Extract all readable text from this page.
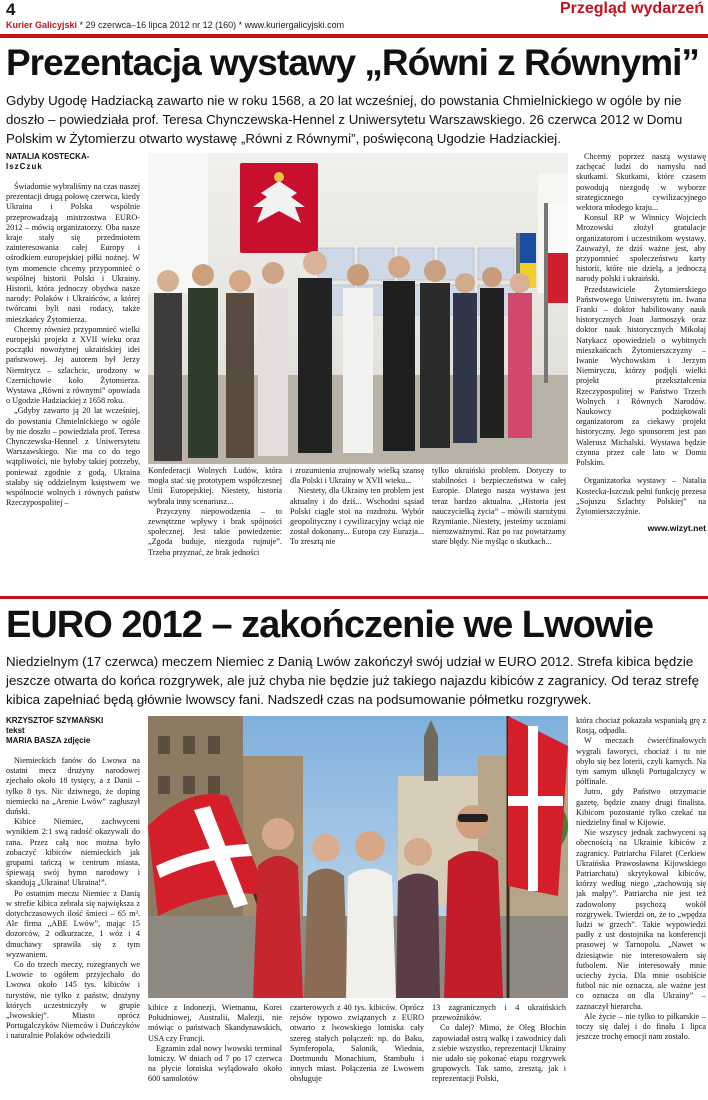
4
Kurier Galicyjski * 29 czerwca–16 lipca 2012 nr 12 (160) * www.kuriergalicyjski.com
Przegląd wydarzeń
Prezentacja wystawy „Równi z Równymi”
Gdyby Ugodę Hadziacką zawarto nie w roku 1568, a 20 lat wcześniej, do powstania Chmielnickiego w ogóle by nie doszło – powiedziała prof. Teresa Chynczewska-Hennel z Uniwersytetu Warszawskiego. 26 czerwca 2012 w Domu Polskim w Żytomierzu otwarto wystawę „Równi z Równymi”, poświęconą Ugodzie Hadziackiej.

NATALIA KOSTECKA-

IszCzuk

Świadomie wybraliśmy na czas naszej prezentacji drugą połowę czerwca, kiedy Ukraina i Polska wspólnie przeprowadzają mistrzostwa EURO-2012 – mówią organizatorzy. Oba nasze kraje stały się przedmiotem zainteresowania całej Europy i ośrodkiem europejskiej piłki nożnej. W tym momencie chcemy przypomnieć o wspólnej historii Polski i Ukrainy. Historii, która jednoczy obydwa nasze narody: Polaków i Ukraińców, a której twórcami byli nasi rodacy, także mieszkańcy Żytomierza.

Chcemy również przypomnieć wielki europejski projekt z XVII wieku oraz początki nowożytnej ukraińskiej idei państwowej. Jej autorem był Jerzy Niemirycz – szlachcic, urodzony w Czernichowie koło Żytomierza. Wystawa „Równi z równymi” opowiada o Ugodzie Hadziackiej z 1658 roku.

„Gdyby zawarto ją 20 lat wcześniej, do powstania Chmielnickiego w ogóle by nie doszło – powiedziała prof. Teresa Chynczewska-Hennel z Uniwersytetu Warszawskiego. Nie ma co do tego wątpliwości, nie byłoby takiej potrzeby, ponieważ zgodnie z godą, Ukraina stałaby się oddzielnym księstwem we wspólnocie wolnych i równych państw Rzeczypospolitej –

Konfederacji Wolnych Ludów, która mogła stać się prototypem współczesnej Unii Europejskiej. Niestety, historia wybrała inny scenariusz...

Przyczyny niepowodzenia – to zewnętrzne wpływy i brak spójności społecznej. Jest takie powiedzenie: „Zgoda buduje, niezgoda rujnuje”. Trzeba przyznać, że brak jedności

i zrozumienia zrujnowały wielką szansę dla Polski i Ukrainy w XVII wieku...

Niestety, dla Ukrainy ten problem jest aktualny i do dziś... Wschodni sąsiad Polski ciągle stoi na rozdrożu. Wybór geopolityczny i cywilizacyjny wciąż nie został dokonany... Europa czy Eurazja... To zresztą nie

tylko ukraiński problem. Dotyczy to stabilności i bezpieczeństwa w całej Europie. Dlatego nasza wystawa jest teraz bardzo aktualna. „Historia jest nauczycielką życia” – mówili starożytni Rzymianie. Niestety, jesteśmy uczniami nierozważnymi. Raz po raz powtarzamy stare błędy. Nie myśląc o skutkach...

Chcemy poprzez naszą wystawę zachęcać ludzi do namysłu nad skutkami. Skutkami, które czasem powodują niezgodę w wyborze strategicznego cywilizacyjnego wektora młodego kraju...

Konsul RP w Winnicy Wojciech Mrozowski złożył gratulacje organizatorom i uczestnikom wystawy. Zauważył, że dziś ważne jest, aby przypomnieć społeczeństwu karty historii, które nie dzielą, a jednoczą narody polski i ukraiński.

Przedstawiciele Żytomierskiego Państwowego Uniwersytetu im. Iwana Franki – doktor habilitowany nauk historycznych Joan Jarmoszyk oraz doktor nauk historycznych Mikołaj Natykacz opowiedzieli o wybitnych mieszkańcach Żytomierszczyzny – Iwanie Wychowskim i Jerzym Niemiryczu, którzy podjęli wielki projekt przekształcenia Rzeczypospolitej w Państwo Trzech Wolnych i Równych Narodów. Naukowcy podziękowali organizatorom za ciekawy projekt historyczny. Jego sponsorem jest pan Walerusz Michalski. Wystawa będzie czynna przez całe lato w Domu Polskim.

Organizatorka wystawy – Natalia Kostecka-Iszczuk pełni funkcję prezesa „Sojuszu Szlachty Polskiej” na Żytomierszczyźnie.

www.wizyt.net

EURO 2012 – zakończenie we Lwowie
Niedzielnym (17 czerwca) meczem Niemiec z Danią Lwów zakończył swój udział w EURO 2012. Strefa kibica będzie jeszcze otwarta do końca rozgrywek, ale już chyba nie będzie już takiego najazdu kibiców z zagranicy. Od teraz strefę kibica zapełniać będą głównie lwowscy fani. Nadszedł czas na podsumowanie półmetku rozgrywek.

KRZYSZTOF SZYMAŃSKI

tekst

MARIA BASZA zdjęcie

Niemieckich fanów do Lwowa na ostatni mecz drużyny narodowej zjechało około 18 tysięcy, a z Danii – tylko 8 tys. Nic dziwnego, że doping niemiecki na „Arenie Lwów” zagłuszył duński.

Kibice Niemiec, zachwyceni wynikiem 2:1 swą radość okazywali do rana. Przez całą noc można było zobaczyć kibiców niemieckich jak grupami tańczą w centrum miasta, śpiewają swój hymn narodowy i skandują „Ukraina! Ukraina!”.

Po ostatnim meczu Niemiec z Danią w strefie kibica zebrała się największa z dotychczasowych ilość śmieci – 65 m³. Ale firma „ABE Lwów”, mając 15 dozorców, 2 odkurzacze, 1 wóz i 4 dmuchawy sprawiła się z tym wyzwaniem.

Co do trzech meczy, rozegranych we Lwowie to ogółem przyjechało do Lwowa około 145 tys. kibiców i turystów, nie tylko z państw, drużyny których uczestniczyły w grupie „lwowskiej”. Miasto oprócz Portugalczyków Niemców i Duńczyków i naturalnie Polaków odwiedzili

kibice z Indonezji, Wietnamu, Korei Południowej, Australii, Malezji, nie mówiąc o państwach Skandynawskich, USA czy Francji.

Egzamin zdał nowy lwowski terminal lotniczy. W dniach od 7 po 17 czerwca na płycie lotniska wylądowało około 600 samolotów

czarterowych z 40 tys. kibiców. Oprócz rejsów typowo związanych z EURO otwarto z lwowskiego lotniska cały szereg stałych połączeń: np. do Baku, Symferopola, Salonik, Wiednia, Dortmundu Monachium, Stambułu i innych miast. Połączenia ze Lwowem obsługuje

13 zagranicznych i 4 ukraińskich przewoźników.

Co dalej? Mimo, że Oleg Błochin zapowiadał ostrą walkę i zawodnicy dali z siebie wszystko, reprezentacji Ukrainy nie udało się pokonać etapu rozgrywek grupowych. Tak samo, zresztą, jak i reprezentacji Polski,

która chociaż pokazała wspaniałą grę z Rosją, odpadła.

W meczach ćwierćfinałowych wygrali faworyci, chociaż i tu nie obyło się bez loterii, czyli karnych. Na tym samym ulknęli Portugalczycy w półfinale.

Jutro, gdy Państwo otrzymacie gazetę, będzie znany drugi finalista. Kibicom pozostanie tylko czekać na niedzielny finał w Kijowie.

Nie wszyscy jednak zachwyceni są obecnością na Ukrainie kibiców z zagranicy. Patriarcha Filaret (Cerkiew Ukraińska Prawosławna Kijowskiego Patriarchatu) skrytykował kibiców, którzy według niego „zachowują się jak małpy”. Patriarcha nie jest też zadowolony psychozą wokół rozgrywek. Twierdzi on, że to „wpędza ludzi w grzech”. Takie wypowiedzi padły z ust dostojnika na konferencji prasowej w Tarnopolu. „Nawet w dziesiątwie nie interesowałem się futbolem. Nie interesowały mnie uciechy życia. Dla mnie osobiście futbol nic nie oznacza, ale ważne jest co oznacza on dla Ukrainy” – zaznaczył hierarcha.

Ale życie – nie tylko to piłkarskie – toczy się dalej i do finału 1 lipca jeszcze trochę emocji nam zostało.
